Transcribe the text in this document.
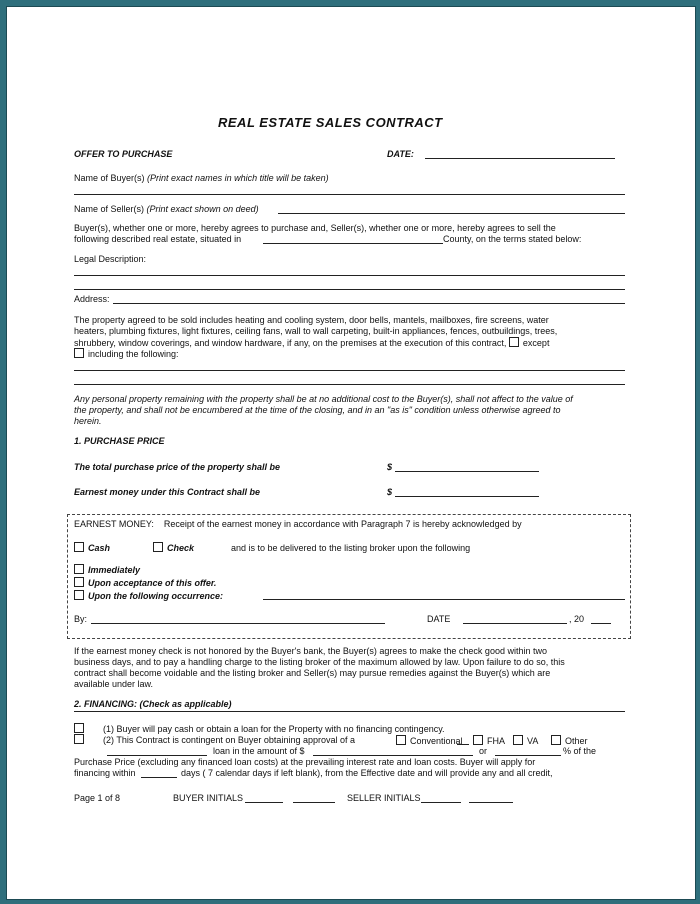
REAL ESTATE SALES CONTRACT
OFFER TO PURCHASE	DATE:
Name of Buyer(s) (Print exact names in which title will be taken)
Name of Seller(s) (Print exact shown on deed)
Buyer(s), whether one or more, hereby agrees to purchase and, Seller(s), whether one or more, hereby agrees to sell the
following described real estate, situated in	County, on the terms stated below:
Legal Description:
Address:
The property agreed to be sold includes heating and cooling system, door bells, mantels, mailboxes, fire screens, water
heaters, plumbing fixtures, light fixtures, ceiling fans, wall to wall carpeting, built-in appliances, fences, outbuildings, trees,
shrubbery, window coverings, and window hardware, if any, on the premises at the execution of this contract, except
including the following:
Any personal property remaining with the property shall be at no additional cost to the Buyer(s), shall not affect to the value of
the property, and shall not be encumbered at the time of the closing, and in an "as is" condition unless otherwise agreed to
herein.
1. PURCHASE PRICE
The total purchase price of the property shall be	$
Earnest money under this Contract shall be	$
EARNEST MONEY: Receipt of the earnest money in accordance with Paragraph 7 is hereby acknowledged by
Cash	Check	and is to be delivered to the listing broker upon the following
Immediately
Upon acceptance of this offer.
Upon the following occurrence:
By:	DATE	, 20
If the earnest money check is not honored by the Buyer's bank, the Buyer(s) agrees to make the check good within two
business days, and to pay a handling charge to the listing broker of the maximum allowed by law. Upon failure to do so, this
contract shall become voidable and the listing broker and Seller(s) may pursue remedies against the Buyer(s) which are
available under law.
2. FINANCING: (Check as applicable)
(1) Buyer will pay cash or obtain a loan for the Property with no financing contingency.
(2) This Contract is contingent on Buyer obtaining approval of a	Conventional	FHA	VA	Other
loan in the amount of $	or	% of the
Purchase Price (excluding any financed loan costs) at the prevailing interest rate and loan costs. Buyer will apply for
financing within	days ( 7 calendar days if left blank), from the Effective date and will provide any and all credit,
Page 1 of 8	BUYER INITIALS	SELLER INITIALS
